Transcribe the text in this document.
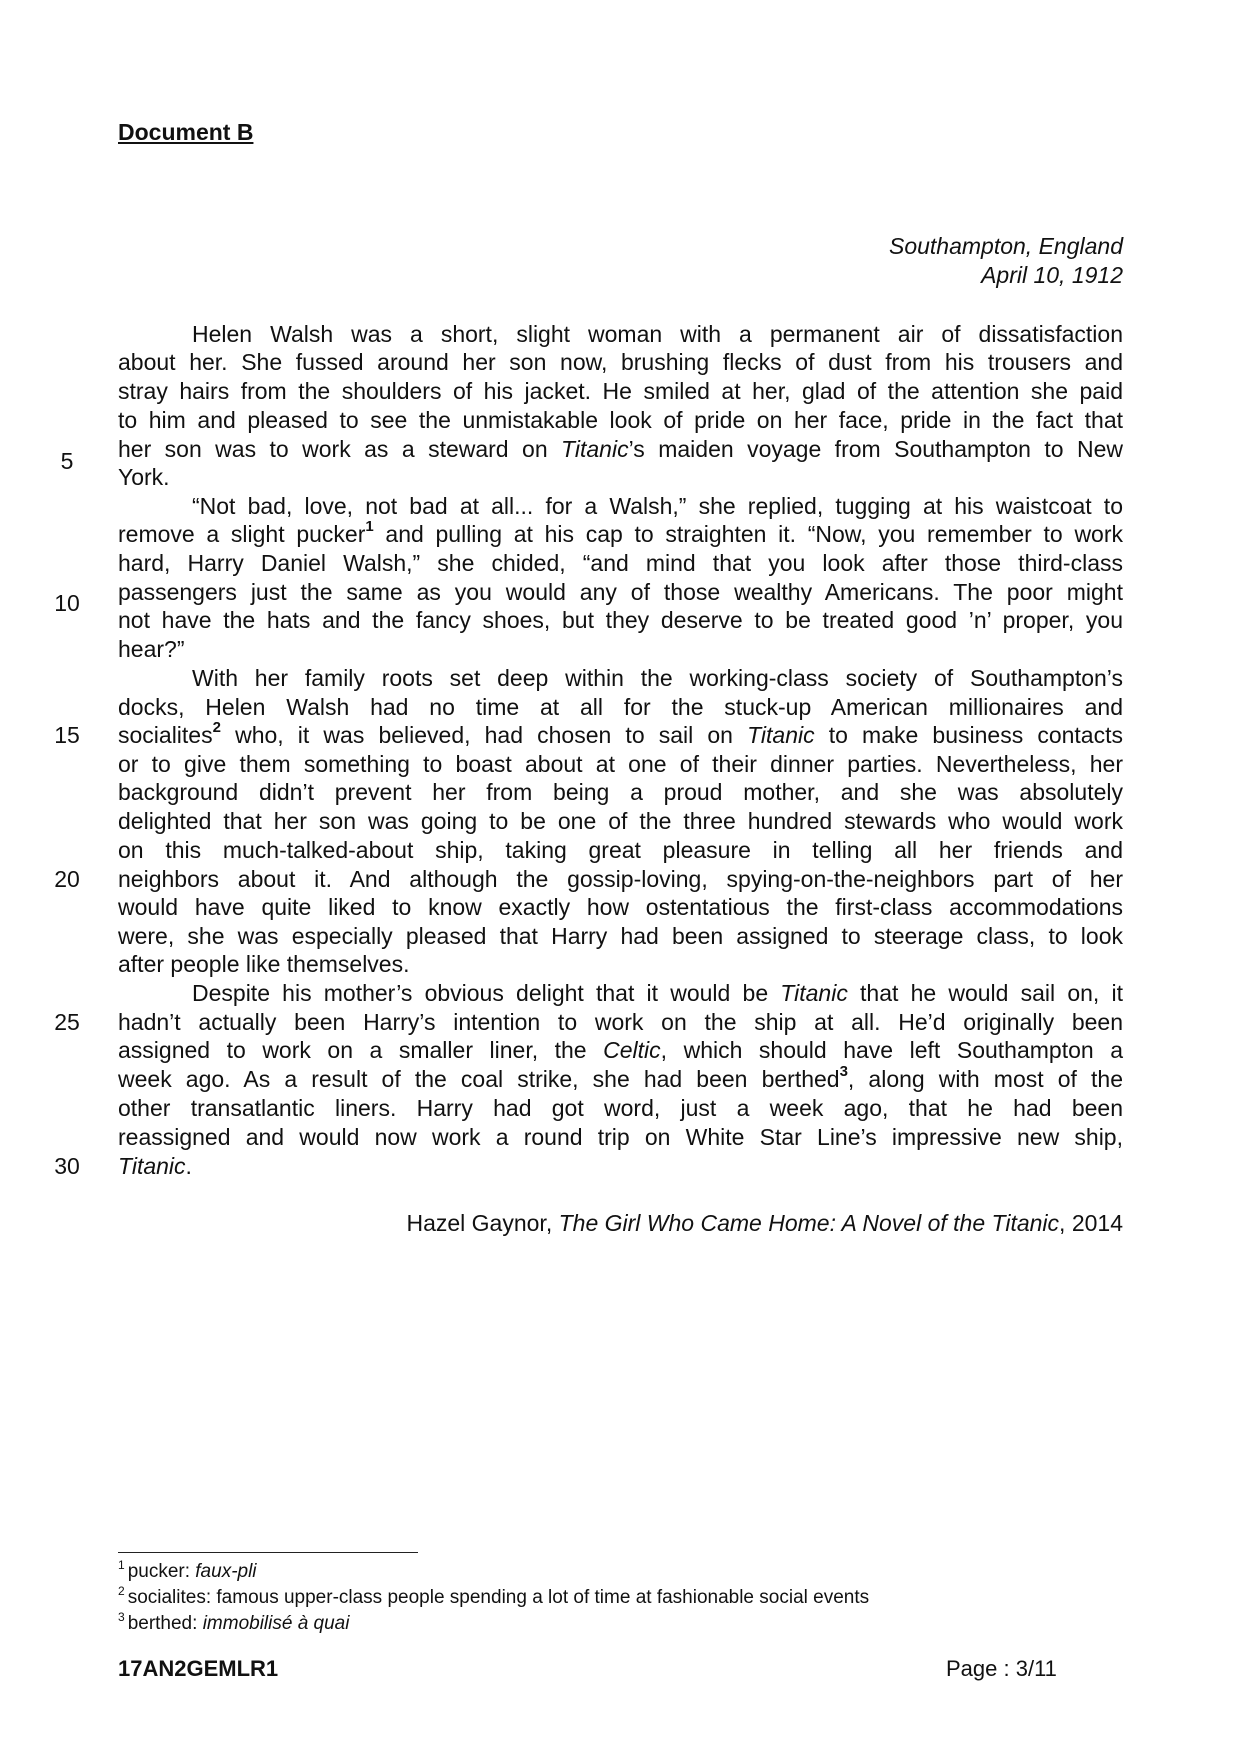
Document B
Southampton, England
April 10, 1912
Helen Walsh was a short, slight woman with a permanent air of dissatisfaction
about her. She fussed around her son now, brushing flecks of dust from his trousers and
stray hairs from the shoulders of his jacket. He smiled at her, glad of the attention she paid
to him and pleased to see the unmistakable look of pride on her face, pride in the fact that
her son was to work as a steward on Titanic’s maiden voyage from Southampton to New
York.
“Not bad, love, not bad at all... for a Walsh,” she replied, tugging at his waistcoat to
remove a slight pucker$^1$ and pulling at his cap to straighten it. “Now, you remember to work
hard, Harry Daniel Walsh,” she chided, “and mind that you look after those third-class
passengers just the same as you would any of those wealthy Americans. The poor might
not have the hats and the fancy shoes, but they deserve to be treated good ’n’ proper, you
hear?”
With her family roots set deep within the working-class society of Southampton’s
docks, Helen Walsh had no time at all for the stuck-up American millionaires and
socialites$^2$ who, it was believed, had chosen to sail on Titanic to make business contacts
or to give them something to boast about at one of their dinner parties. Nevertheless, her
background didn’t prevent her from being a proud mother, and she was absolutely
delighted that her son was going to be one of the three hundred stewards who would work
on this much-talked-about ship, taking great pleasure in telling all her friends and
neighbors about it. And although the gossip-loving, spying-on-the-neighbors part of her
would have quite liked to know exactly how ostentatious the first-class accommodations
were, she was especially pleased that Harry had been assigned to steerage class, to look
after people like themselves.
Despite his mother’s obvious delight that it would be Titanic that he would sail on, it
hadn’t actually been Harry’s intention to work on the ship at all. He’d originally been
assigned to work on a smaller liner, the Celtic, which should have left Southampton a
week ago. As a result of the coal strike, she had been berthed$^3$, along with most of the
other transatlantic liners. Harry had got word, just a week ago, that he had been
reassigned and would now work a round trip on White Star Line’s impressive new ship,
Titanic.
5
10
15
20
25
30
Hazel Gaynor, The Girl Who Came Home: A Novel of the Titanic, 2014
$^1$ pucker: faux-pli
$^2$ socialites: famous upper-class people spending a lot of time at fashionable social events
$^3$ berthed: immobilisé à quai
17AN2GEMLR1	Page : 3/11
